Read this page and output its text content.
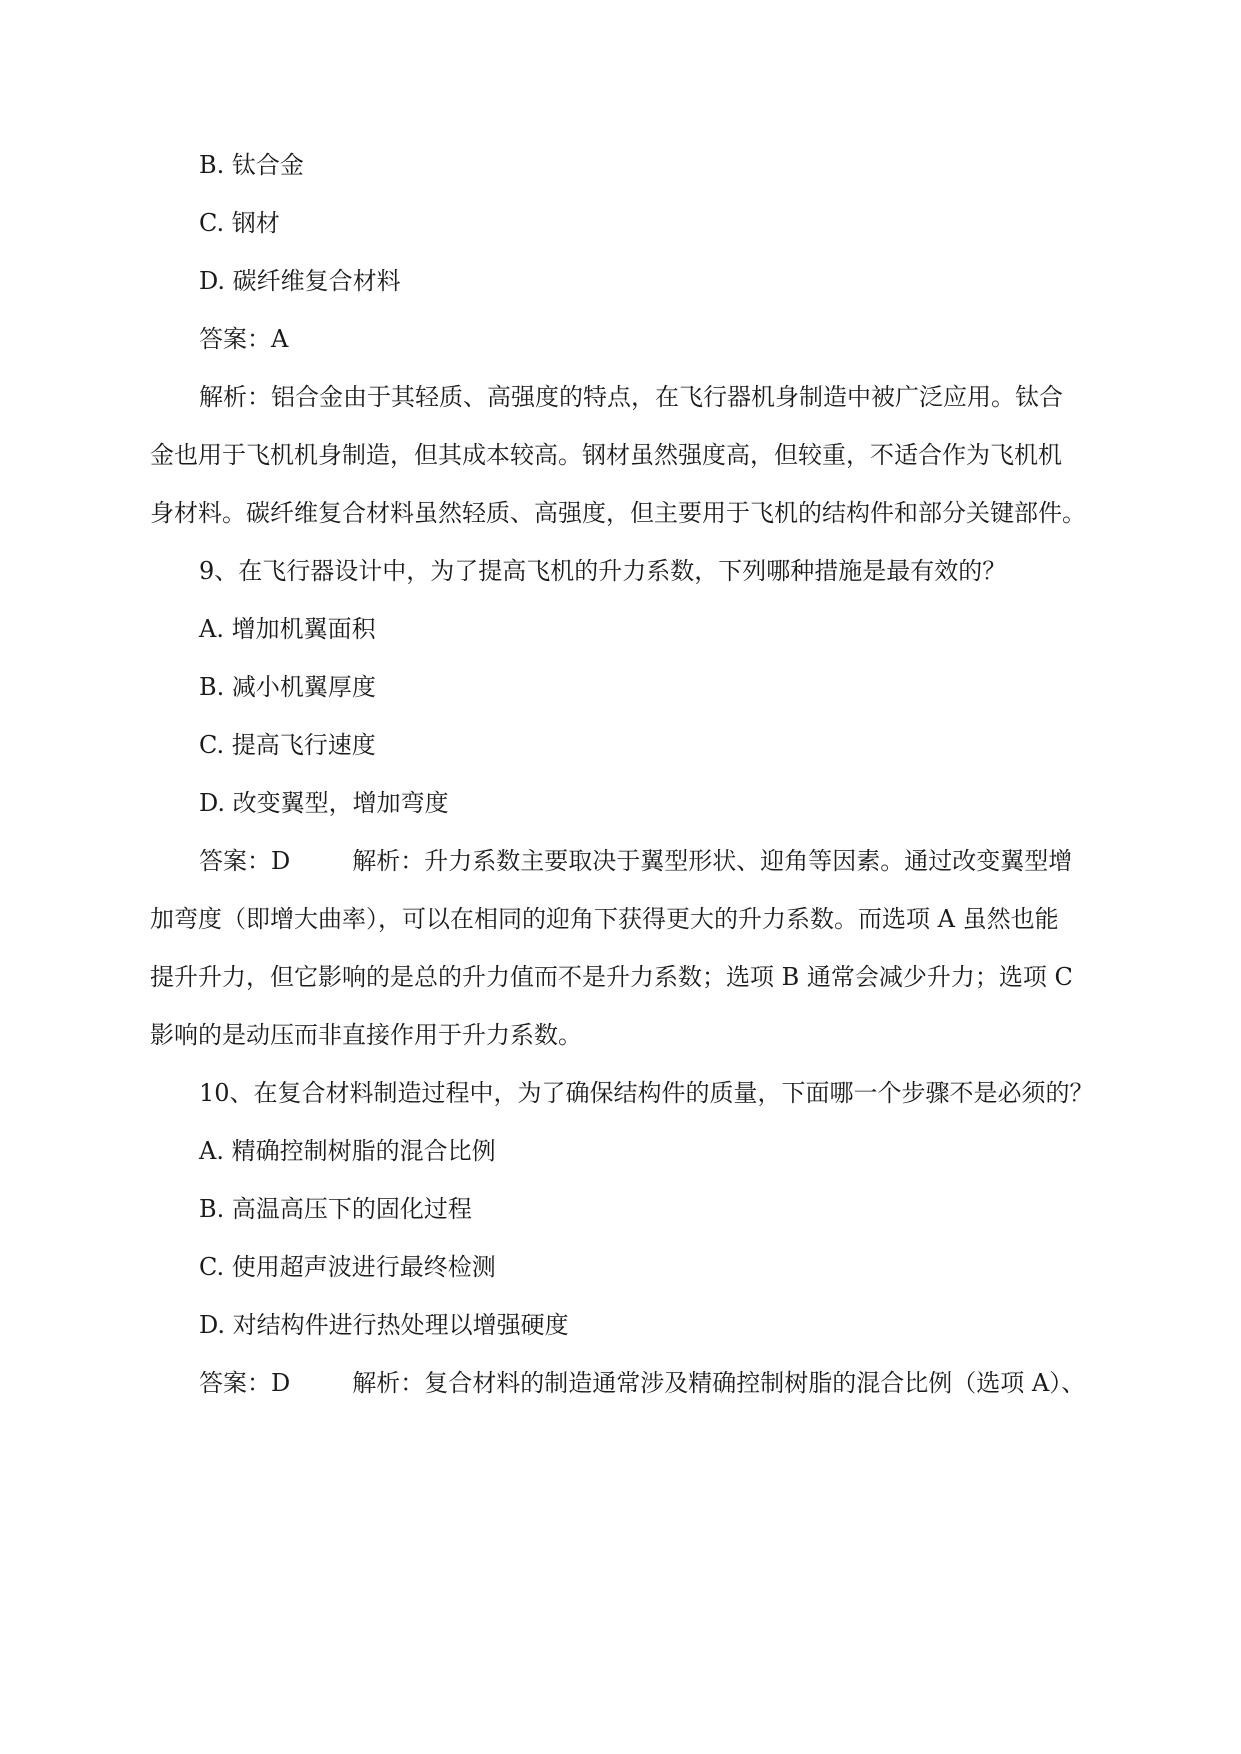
B. 钛合金
C. 钢材
D. 碳纤维复合材料
答案：A
解析：铝合金由于其轻质、高强度的特点，在飞行器机身制造中被广泛应用。钛合
金也用于飞机机身制造，但其成本较高。钢材虽然强度高，但较重，不适合作为飞机机
身材料。碳纤维复合材料虽然轻质、高强度，但主要用于飞机的结构件和部分关键部件。
9、在飞行器设计中，为了提高飞机的升力系数，下列哪种措施是最有效的？
A. 增加机翼面积
B. 减小机翼厚度
C. 提高飞行速度
D. 改变翼型，增加弯度
答案：D	解析：升力系数主要取决于翼型形状、迎角等因素。通过改变翼型增
加弯度（即增大曲率），可以在相同的迎角下获得更大的升力系数。而选项 A 虽然也能
提升升力，但它影响的是总的升力值而不是升力系数；选项 B 通常会减少升力；选项 C
影响的是动压而非直接作用于升力系数。
10、在复合材料制造过程中，为了确保结构件的质量，下面哪一个步骤不是必须的？
A. 精确控制树脂的混合比例
B. 高温高压下的固化过程
C. 使用超声波进行最终检测
D. 对结构件进行热处理以增强硬度
答案：D	解析：复合材料的制造通常涉及精确控制树脂的混合比例（选项 A）、
